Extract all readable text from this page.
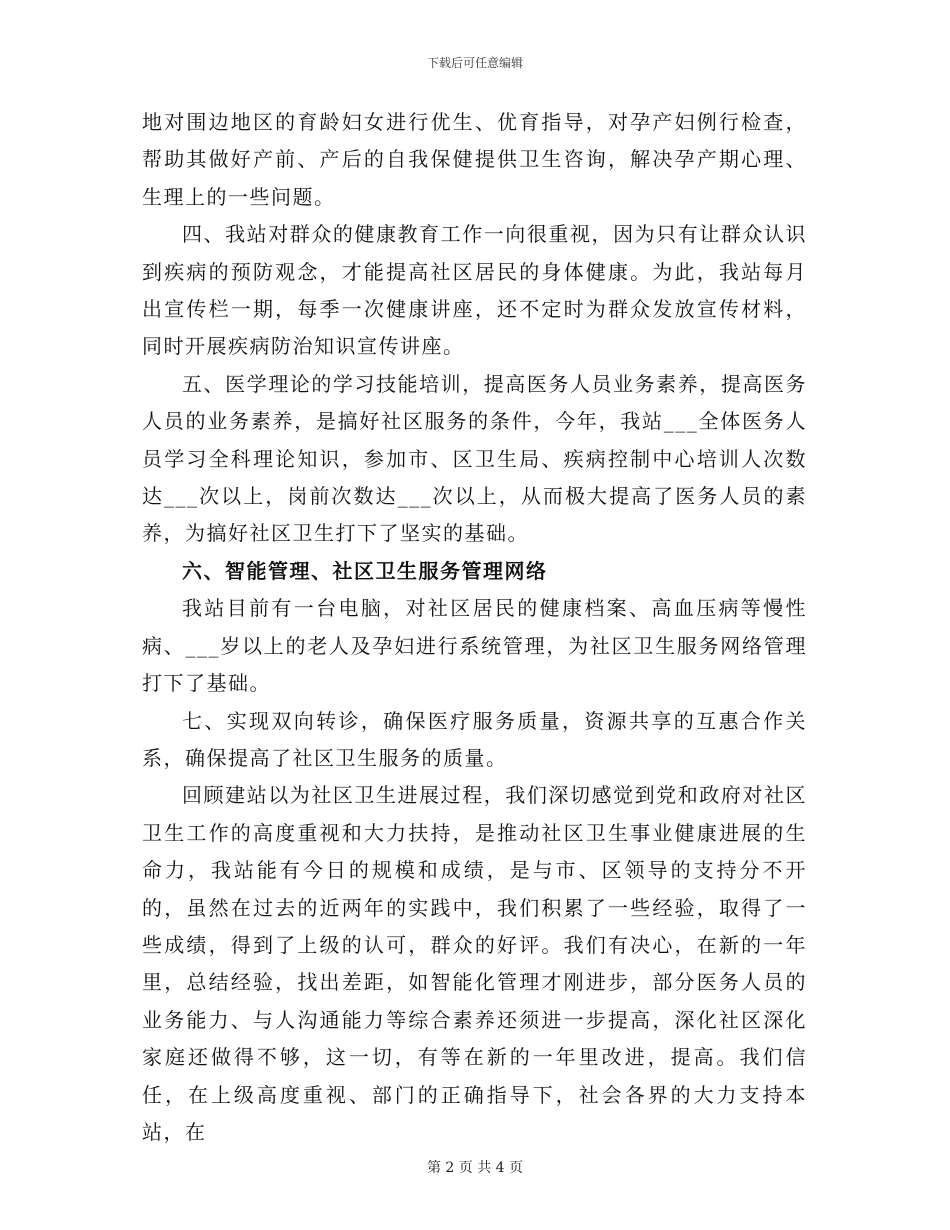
下载后可任意编辑

地对围边地区的育龄妇女进行优生、优育指导，对孕产妇例行检查，帮助其做好产前、产后的自我保健提供卫生咨询，解决孕产期心理、生理上的一些问题。

四、我站对群众的健康教育工作一向很重视，因为只有让群众认识到疾病的预防观念，才能提高社区居民的身体健康。为此，我站每月出宣传栏一期，每季一次健康讲座，还不定时为群众发放宣传材料，同时开展疾病防治知识宣传讲座。

五、医学理论的学习技能培训，提高医务人员业务素养，提高医务人员的业务素养，是搞好社区服务的条件，今年，我站___全体医务人员学习全科理论知识，参加市、区卫生局、疾病控制中心培训人次数达___次以上，岗前次数达___次以上，从而极大提高了医务人员的素养，为搞好社区卫生打下了坚实的基础。

六、智能管理、社区卫生服务管理网络

我站目前有一台电脑，对社区居民的健康档案、高血压病等慢性病、___岁以上的老人及孕妇进行系统管理，为社区卫生服务网络管理打下了基础。

七、实现双向转诊，确保医疗服务质量，资源共享的互惠合作关系，确保提高了社区卫生服务的质量。

回顾建站以为社区卫生进展过程，我们深切感觉到党和政府对社区卫生工作的高度重视和大力扶持，是推动社区卫生事业健康进展的生命力，我站能有今日的规模和成绩，是与市、区领导的支持分不开的，虽然在过去的近两年的实践中，我们积累了一些经验，取得了一些成绩，得到了上级的认可，群众的好评。我们有决心，在新的一年里，总结经验，找出差距，如智能化管理才刚进步，部分医务人员的业务能力、与人沟通能力等综合素养还须进一步提高，深化社区深化家庭还做得不够，这一切，有等在新的一年里改进，提高。我们信任，在上级高度重视、部门的正确指导下，社会各界的大力支持本站，在

第 2 页 共 4 页
